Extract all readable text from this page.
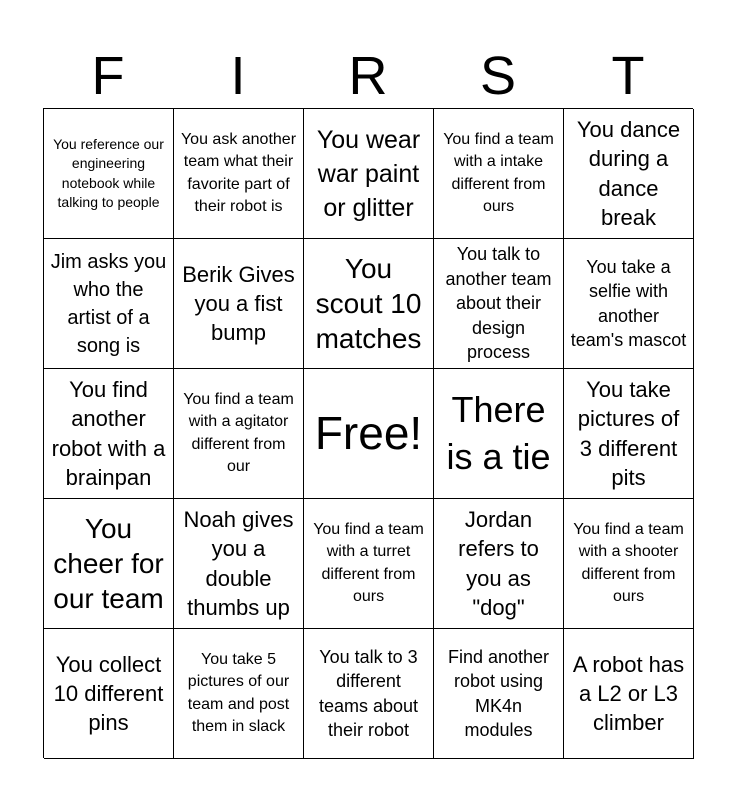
F	I	R	S	T
You reference our engineering notebook while talking to people
You ask another team what their favorite part of their robot is
You wear war paint or glitter
You find a team with a intake different from ours
You dance during a dance break
Jim asks you who the artist of a song is
Berik Gives you a fist bump
You scout 10 matches
You talk to another team about their design process
You take a selfie with another team's mascot
You find another robot with a brainpan
You find a team with a agitator different from our
Free! There is a tie
You take pictures of 3 different pits
You cheer for our team
Noah gives you a double thumbs up
You find a team with a turret different from ours
Jordan refers to you as "dog"
You find a team with a shooter different from ours
You collect 10 different pins
You take 5 pictures of our team and post them in slack
You talk to 3 different teams about their robot
Find another robot using MK4n modules
A robot has a L2 or L3 climber
